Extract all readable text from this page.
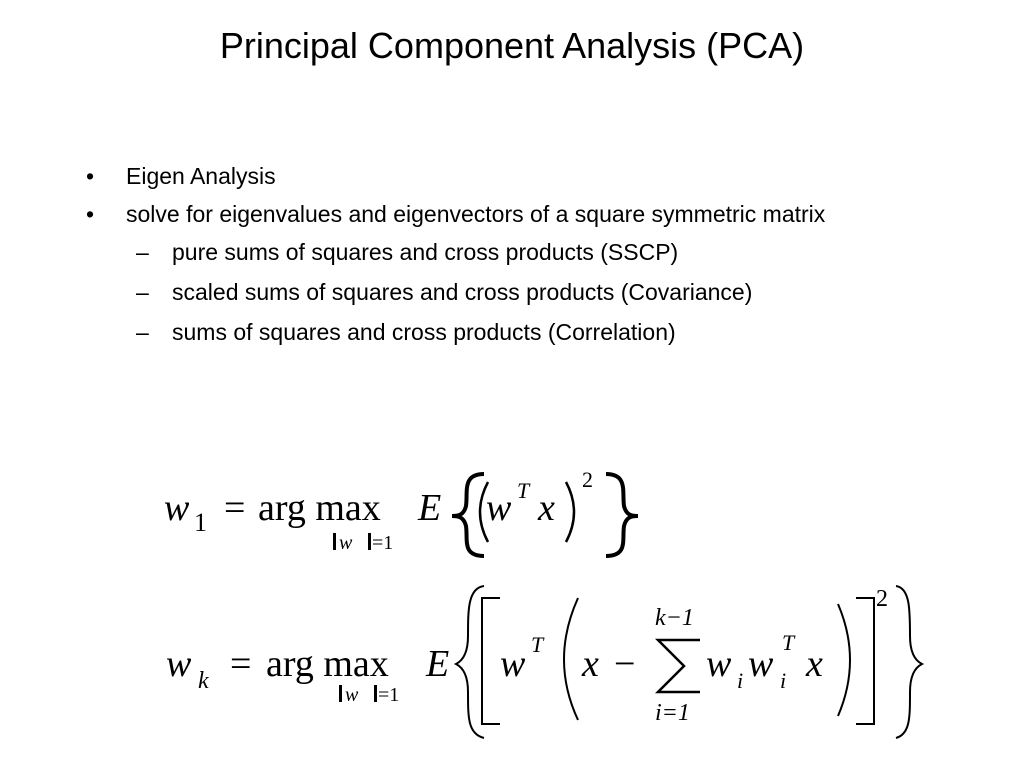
Principal Component Analysis (PCA)
• Eigen Analysis
• solve for eigenvalues and eigenvectors of a square symmetric matrix
– pure sums of squares and cross products (SSCP)
– scaled sums of squares and cross products (Covariance)
– sums of squares and cross products (Correlation)
w 1 = arg max
w =1
E w T x
2
w k = arg max
w =1
E w T x −
k−1
i=1
w i w i
T
x
2
